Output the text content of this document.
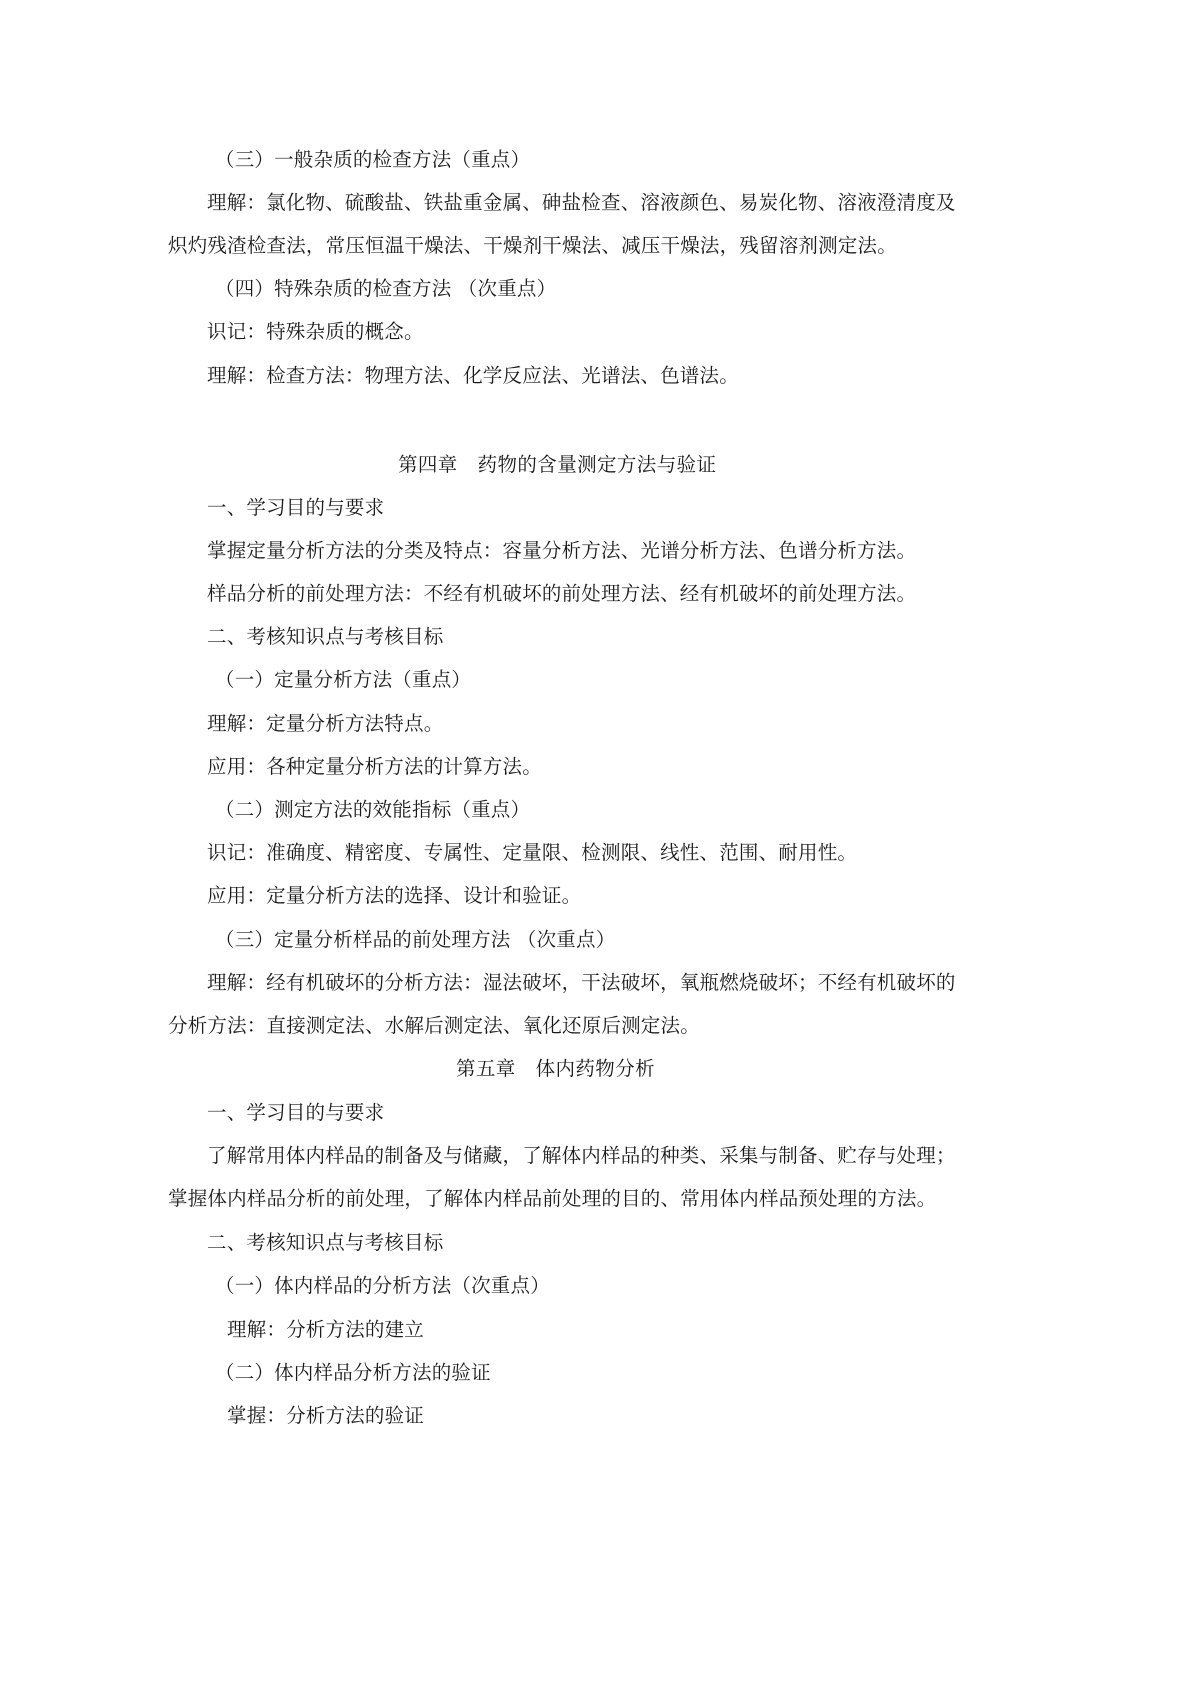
（三）一般杂质的检查方法（重点）
理解：氯化物、硫酸盐、铁盐重金属、砷盐检查、溶液颜色、易炭化物、溶液澄清度及
炽灼残渣检查法，常压恒温干燥法、干燥剂干燥法、减压干燥法，残留溶剂测定法。
（四）特殊杂质的检查方法 （次重点）
识记：特殊杂质的概念。
理解：检查方法：物理方法、化学反应法、光谱法、色谱法。
第四章　药物的含量测定方法与验证
一、学习目的与要求
掌握定量分析方法的分类及特点：容量分析方法、光谱分析方法、色谱分析方法。
样品分析的前处理方法：不经有机破坏的前处理方法、经有机破坏的前处理方法。
二、考核知识点与考核目标
（一）定量分析方法（重点）
理解：定量分析方法特点。
应用：各种定量分析方法的计算方法。
（二）测定方法的效能指标（重点）
识记：准确度、精密度、专属性、定量限、检测限、线性、范围、耐用性。
应用：定量分析方法的选择、设计和验证。
（三）定量分析样品的前处理方法 （次重点）
理解：经有机破坏的分析方法：湿法破坏，干法破坏，氧瓶燃烧破坏；不经有机破坏的
分析方法：直接测定法、水解后测定法、氧化还原后测定法。
第五章　体内药物分析
一、学习目的与要求
了解常用体内样品的制备及与储藏，了解体内样品的种类、采集与制备、贮存与处理；
掌握体内样品分析的前处理，了解体内样品前处理的目的、常用体内样品预处理的方法。
二、考核知识点与考核目标
（一）体内样品的分析方法（次重点）
理解：分析方法的建立
（二）体内样品分析方法的验证
掌握：分析方法的验证
